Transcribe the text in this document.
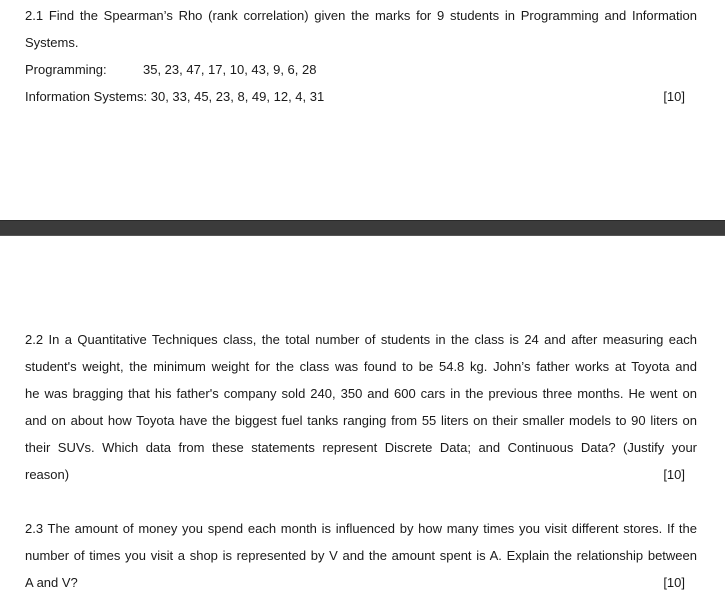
2.1 Find the Spearman’s Rho (rank correlation) given the marks for 9 students in Programming and Information
Systems.
Programming:	35, 23, 47, 17, 10, 43, 9, 6, 28
Information Systems: 30, 33, 45, 23, 8, 49, 12, 4, 31	[10]
2.2 In a Quantitative Techniques class, the total number of students in the class is 24 and after measuring each
student's weight, the minimum weight for the class was found to be 54.8 kg. John’s father works at Toyota and
he was bragging that his father's company sold 240, 350 and 600 cars in the previous three months. He went on
and on about how Toyota have the biggest fuel tanks ranging from 55 liters on their smaller models to 90 liters on
their SUVs. Which data from these statements represent Discrete Data; and Continuous Data? (Justify your
reason)	[10]
2.3 The amount of money you spend each month is influenced by how many times you visit different stores. If the
number of times you visit a shop is represented by V and the amount spent is A. Explain the relationship between
A and V?	[10]
